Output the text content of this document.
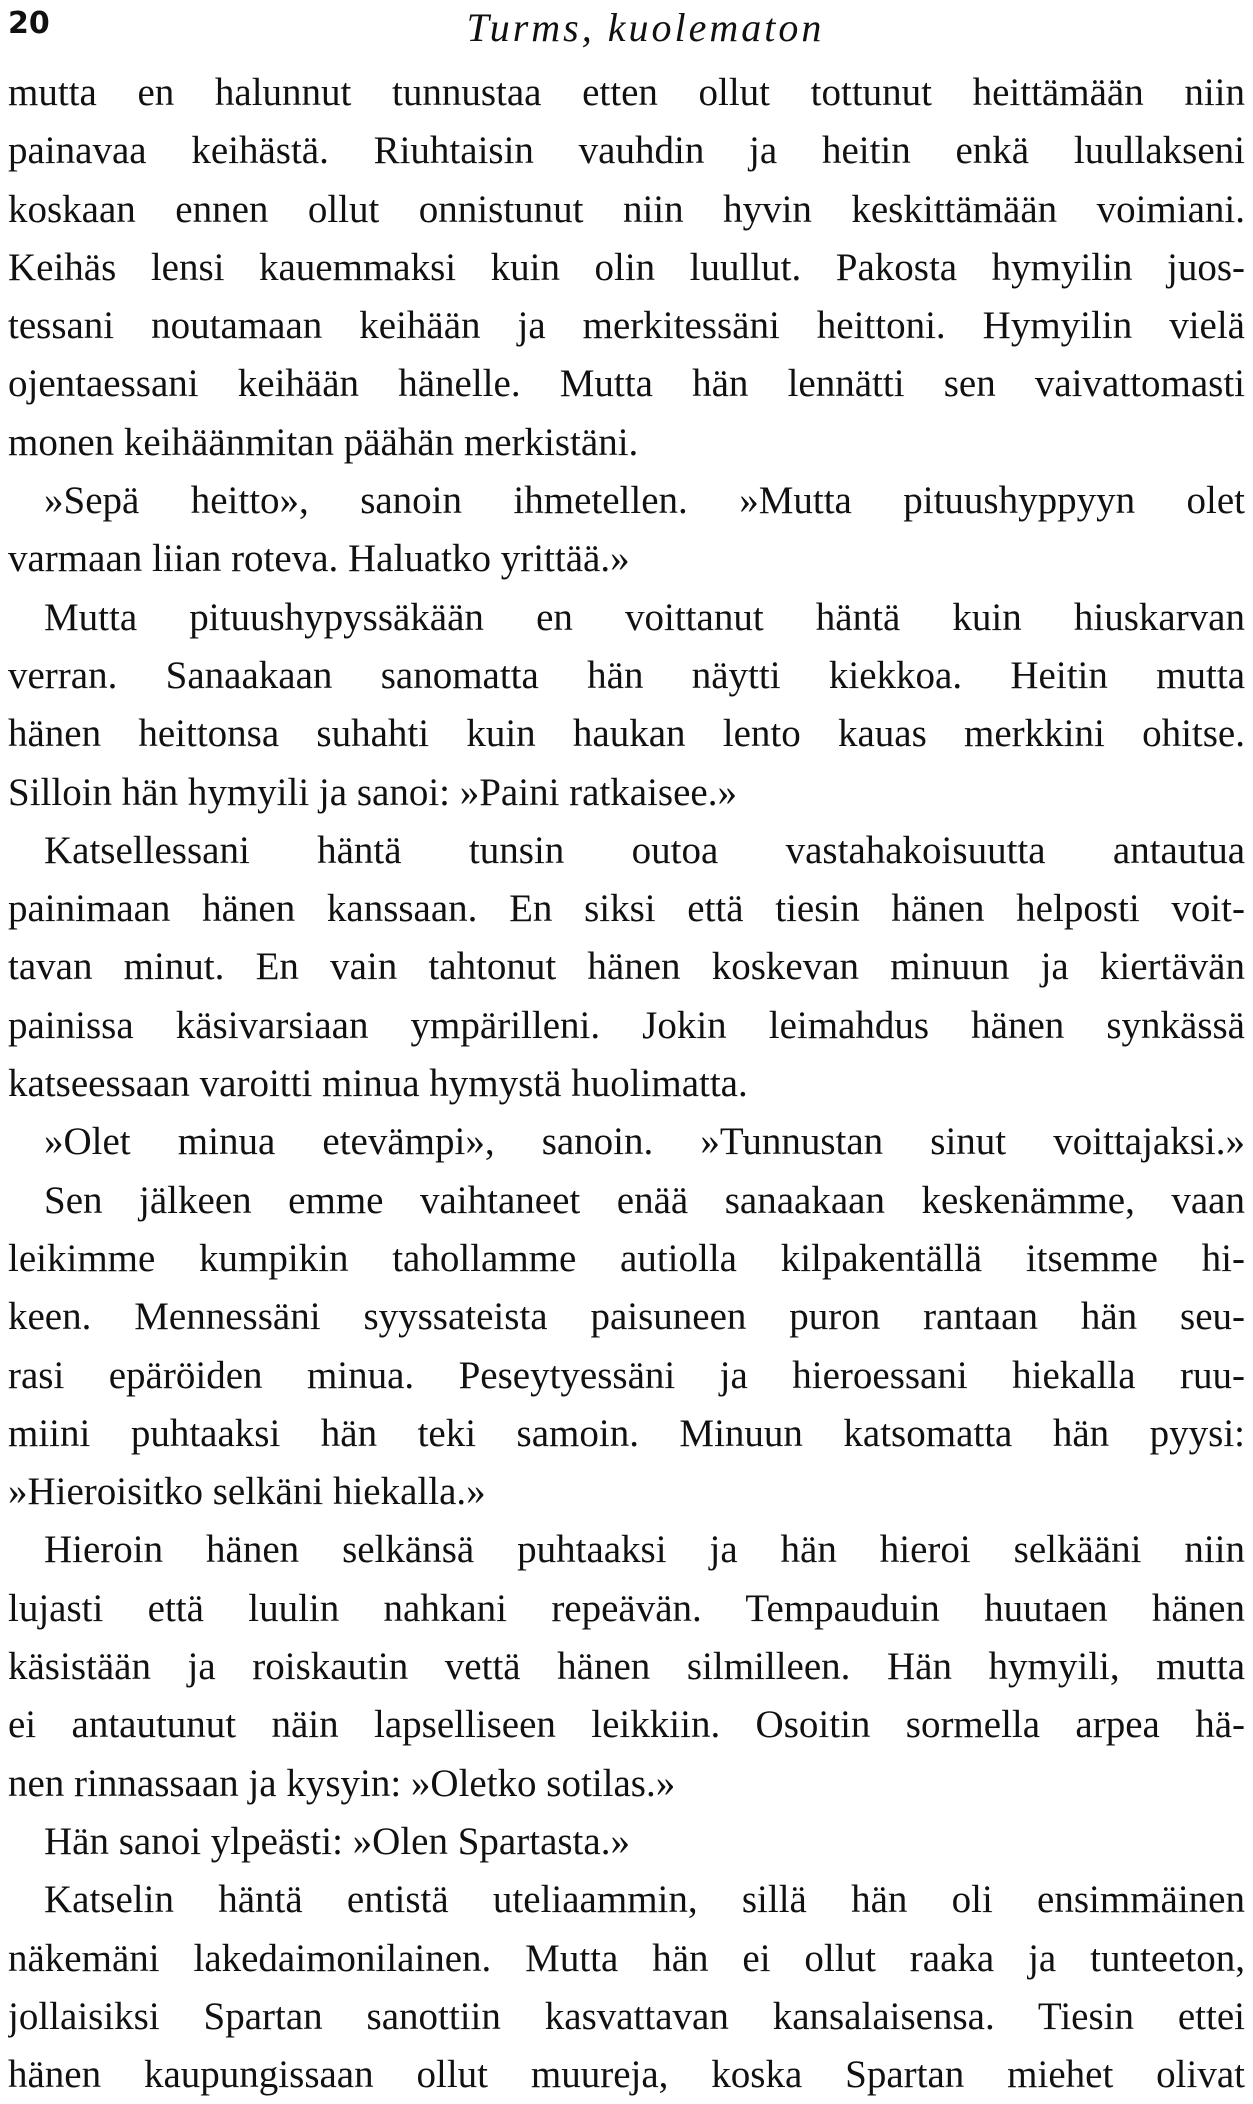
20	Turms, kuolematon
mutta en halunnut tunnustaa etten ollut tottunut heittämään niin
painavaa keihästä. Riuhtaisin vauhdin ja heitin enkä luullakseni
koskaan ennen ollut onnistunut niin hyvin keskittämään voimiani.
Keihäs lensi kauemmaksi kuin olin luullut. Pakosta hymyilin juos-
tessani noutamaan keihään ja merkitessäni heittoni. Hymyilin vielä
ojentaessani keihään hänelle. Mutta hän lennätti sen vaivattomasti
monen keihäänmitan päähän merkistäni.
»Sepä heitto», sanoin ihmetellen. »Mutta pituushyppyyn olet
varmaan liian roteva. Haluatko yrittää.»
Mutta pituushypyssäkään en voittanut häntä kuin hiuskarvan
verran. Sanaakaan sanomatta hän näytti kiekkoa. Heitin mutta
hänen heittonsa suhahti kuin haukan lento kauas merkkini ohitse.
Silloin hän hymyili ja sanoi: »Paini ratkaisee.»
Katsellessani häntä tunsin outoa vastahakoisuutta antautua
painimaan hänen kanssaan. En siksi että tiesin hänen helposti voit-
tavan minut. En vain tahtonut hänen koskevan minuun ja kiertävän
painissa käsivarsiaan ympärilleni. Jokin leimahdus hänen synkässä
katseessaan varoitti minua hymystä huolimatta.
»Olet minua etevämpi», sanoin. »Tunnustan sinut voittajaksi.»
Sen jälkeen emme vaihtaneet enää sanaakaan keskenämme, vaan
leikimme kumpikin tahollamme autiolla kilpakentällä itsemme hi-
keen. Mennessäni syyssateista paisuneen puron rantaan hän seu-
rasi epäröiden minua. Peseytyessäni ja hieroessani hiekalla ruu-
miini puhtaaksi hän teki samoin. Minuun katsomatta hän pyysi:
»Hieroisitko selkäni hiekalla.»
Hieroin hänen selkänsä puhtaaksi ja hän hieroi selkääni niin
lujasti että luulin nahkani repeävän. Tempauduin huutaen hänen
käsistään ja roiskautin vettä hänen silmilleen. Hän hymyili, mutta
ei antautunut näin lapselliseen leikkiin. Osoitin sormella arpea hä-
nen rinnassaan ja kysyin: »Oletko sotilas.»
Hän sanoi ylpeästi: »Olen Spartasta.»
Katselin häntä entistä uteliaammin, sillä hän oli ensimmäinen
näkemäni lakedaimonilainen. Mutta hän ei ollut raaka ja tunteeton,
jollaisiksi Spartan sanottiin kasvattavan kansalaisensa. Tiesin ettei
hänen kaupungissaan ollut muureja, koska Spartan miehet olivat
